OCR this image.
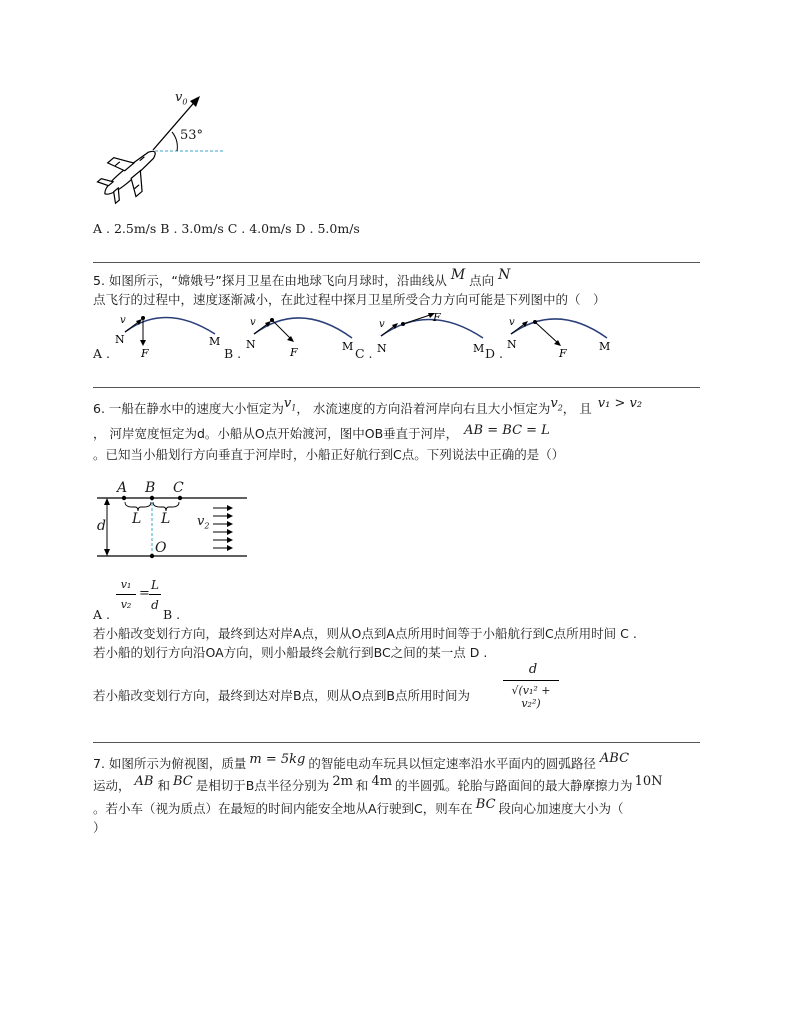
$v_0$
53°
A . 2.5m/s B . 3.0m/s C . 4.0m/s D . 5.0m/s
5. 如图所示，“嫦娥号”探月卫星在由地球飞向月球时，沿曲线从 M 点向 N
点飞行的过程中，速度逐渐减小，在此过程中探月卫星所受合力方向可能是下列图中的（　）
A .
v
N
F
M
B .
v
N
F	M C .
v
N
F
M D .
v
N
F
M
6. 一船在静水中的速度大小恒定为$v_1$， 水流速度的方向沿着河岸向右且大小恒定为$v_2$， 且 v₁ > v₂
， 河岸宽度恒定为d。小船从O点开始渡河，图中OB垂直于河岸， AB = BC = L
。已知当小船划行方向垂直于河岸时，小船正好航行到C点。下列说法中正确的是（）
A B C
L L
d
O
$v_2$
v₁
v₂
=
L
d
A .	B .
若小船改变划行方向，最终到达对岸A点，则从O点到A点所用时间等于小船航行到C点所用时间 C .
若小船的划行方向沿OA方向，则小船最终会航行到BC之间的某一点 D .
若小船改变划行方向，最终到达对岸B点，则从O点到B点所用时间为
d
√(v₁² + v₂²)
7. 如图所示为俯视图，质量 m = 5kg 的智能电动车玩具以恒定速率沿水平面内的圆弧路径 ABC
运动， AB 和 BC 是相切于B点半径分别为 2m 和 4m 的半圆弧。轮胎与路面间的最大静摩擦力为 10N
。若小车（视为质点）在最短的时间内能安全地从A行驶到C，则车在 BC 段向心加速度大小为（
）
